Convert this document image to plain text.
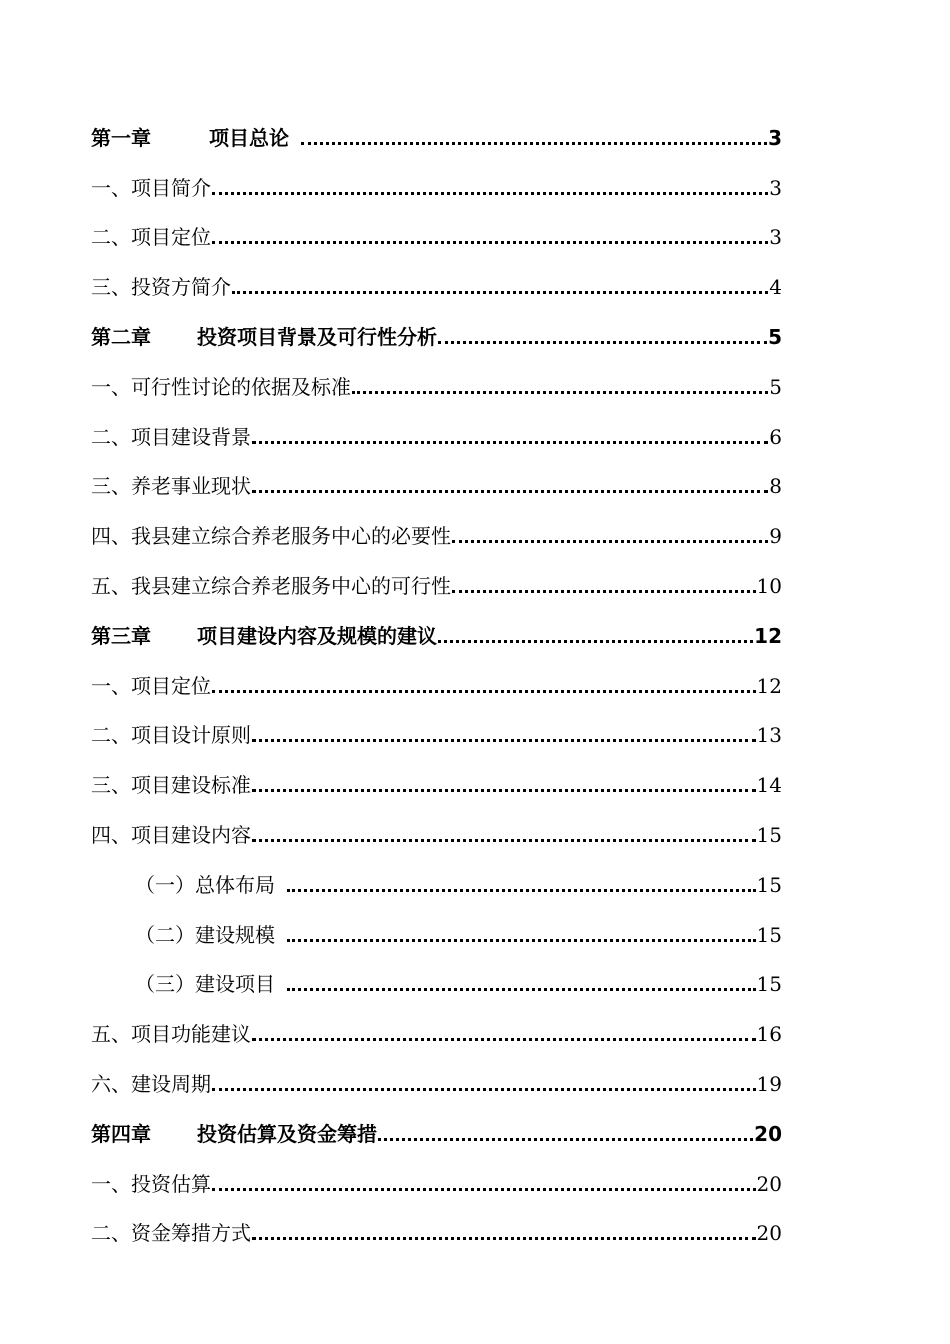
第一章	项目总论	3
一、项目简介	3
二、项目定位	3
三、投资方简介	4
第二章 投资项目背景及可行性分析	5
一、可行性讨论的依据及标准	5
二、项目建设背景	6
三、养老事业现状	8
四、我县建立综合养老服务中心的必要性	9
五、我县建立综合养老服务中心的可行性	10
第三章 项目建设内容及规模的建议	12
一、项目定位	12
二、项目设计原则	13
三、项目建设标准	14
四、项目建设内容	15
（一）总体布局	15
（二）建设规模	15
（三）建设项目	15
五、项目功能建议	16
六、建设周期	19
第四章 投资估算及资金筹措	20
一、投资估算	20
二、资金筹措方式	20
